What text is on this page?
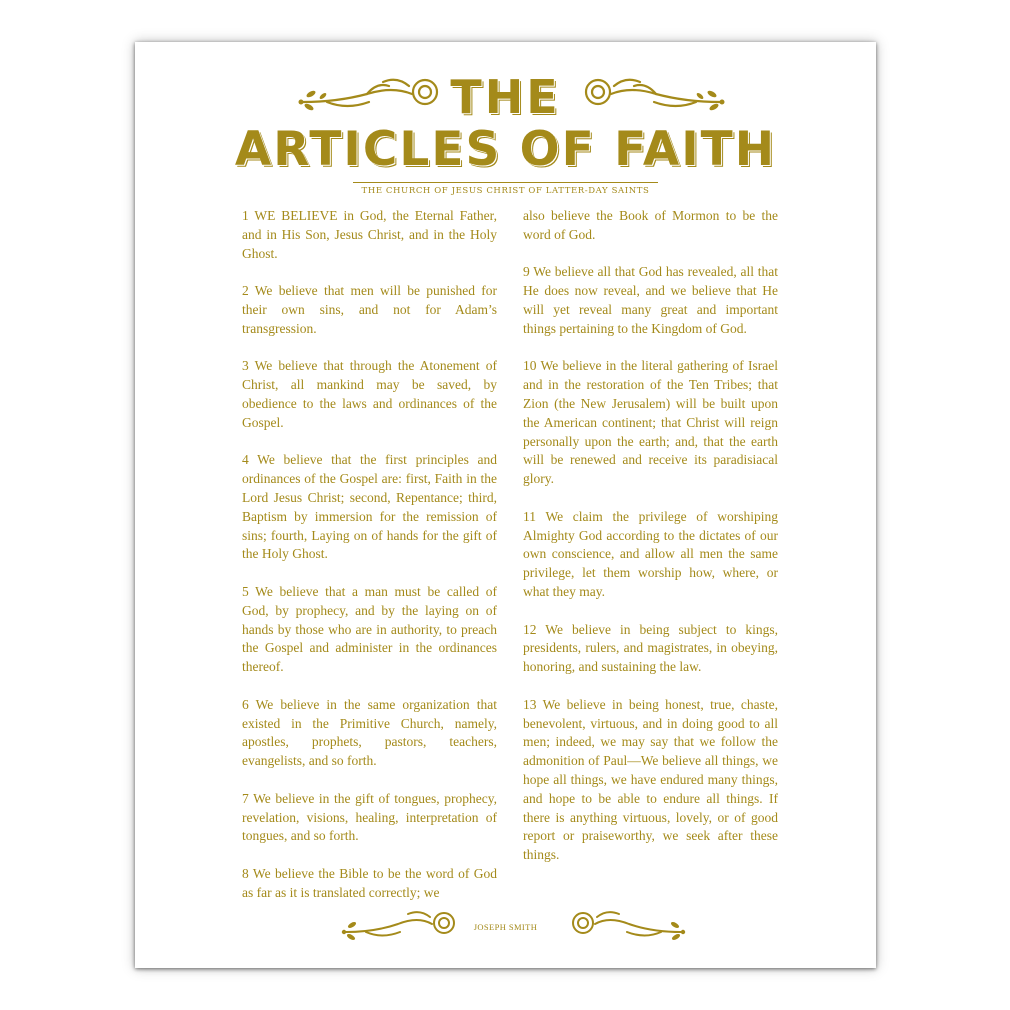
THE
ARTICLES OF FAITH
THE CHURCH OF JESUS CHRIST OF LATTER-DAY SAINTS

1 WE BELIEVE in God, the Eternal Father, and in His Son, Jesus Christ, and in the Holy Ghost.

2 We believe that men will be punished for their own sins, and not for Adam’s transgression.

3 We believe that through the Atonement of Christ, all mankind may be saved, by obedience to the laws and ordinances of the Gospel.

4 We believe that the first principles and ordinances of the Gospel are: first, Faith in the Lord Jesus Christ; second, Repentance; third, Baptism by immersion for the remission of sins; fourth, Laying on of hands for the gift of the Holy Ghost.

5 We believe that a man must be called of God, by prophecy, and by the laying on of hands by those who are in authority, to preach the Gospel and administer in the ordinances thereof.

6 We believe in the same organization that existed in the Primitive Church, namely, apostles, prophets, pastors, teachers, evangelists, and so forth.

7 We believe in the gift of tongues, prophecy, revelation, visions, healing, interpretation of tongues, and so forth.

8 We believe the Bible to be the word of God as far as it is translated correctly; we

also believe the Book of Mormon to be the word of God.

9 We believe all that God has revealed, all that He does now reveal, and we believe that He will yet reveal many great and important things pertaining to the Kingdom of God.

10 We believe in the literal gathering of Israel and in the restoration of the Ten Tribes; that Zion (the New Jerusalem) will be built upon the American continent; that Christ will reign personally upon the earth; and, that the earth will be renewed and receive its paradisiacal glory.

11 We claim the privilege of worshiping Almighty God according to the dictates of our own conscience, and allow all men the same privilege, let them worship how, where, or what they may.

12 We believe in being subject to kings, presidents, rulers, and magistrates, in obeying, honoring, and sustaining the law.

13 We believe in being honest, true, chaste, benevolent, virtuous, and in doing good to all men; indeed, we may say that we follow the admonition of Paul—We believe all things, we hope all things, we have endured many things, and hope to be able to endure all things. If there is anything virtuous, lovely, or of good report or praiseworthy, we seek after these things.

JOSEPH SMITH
